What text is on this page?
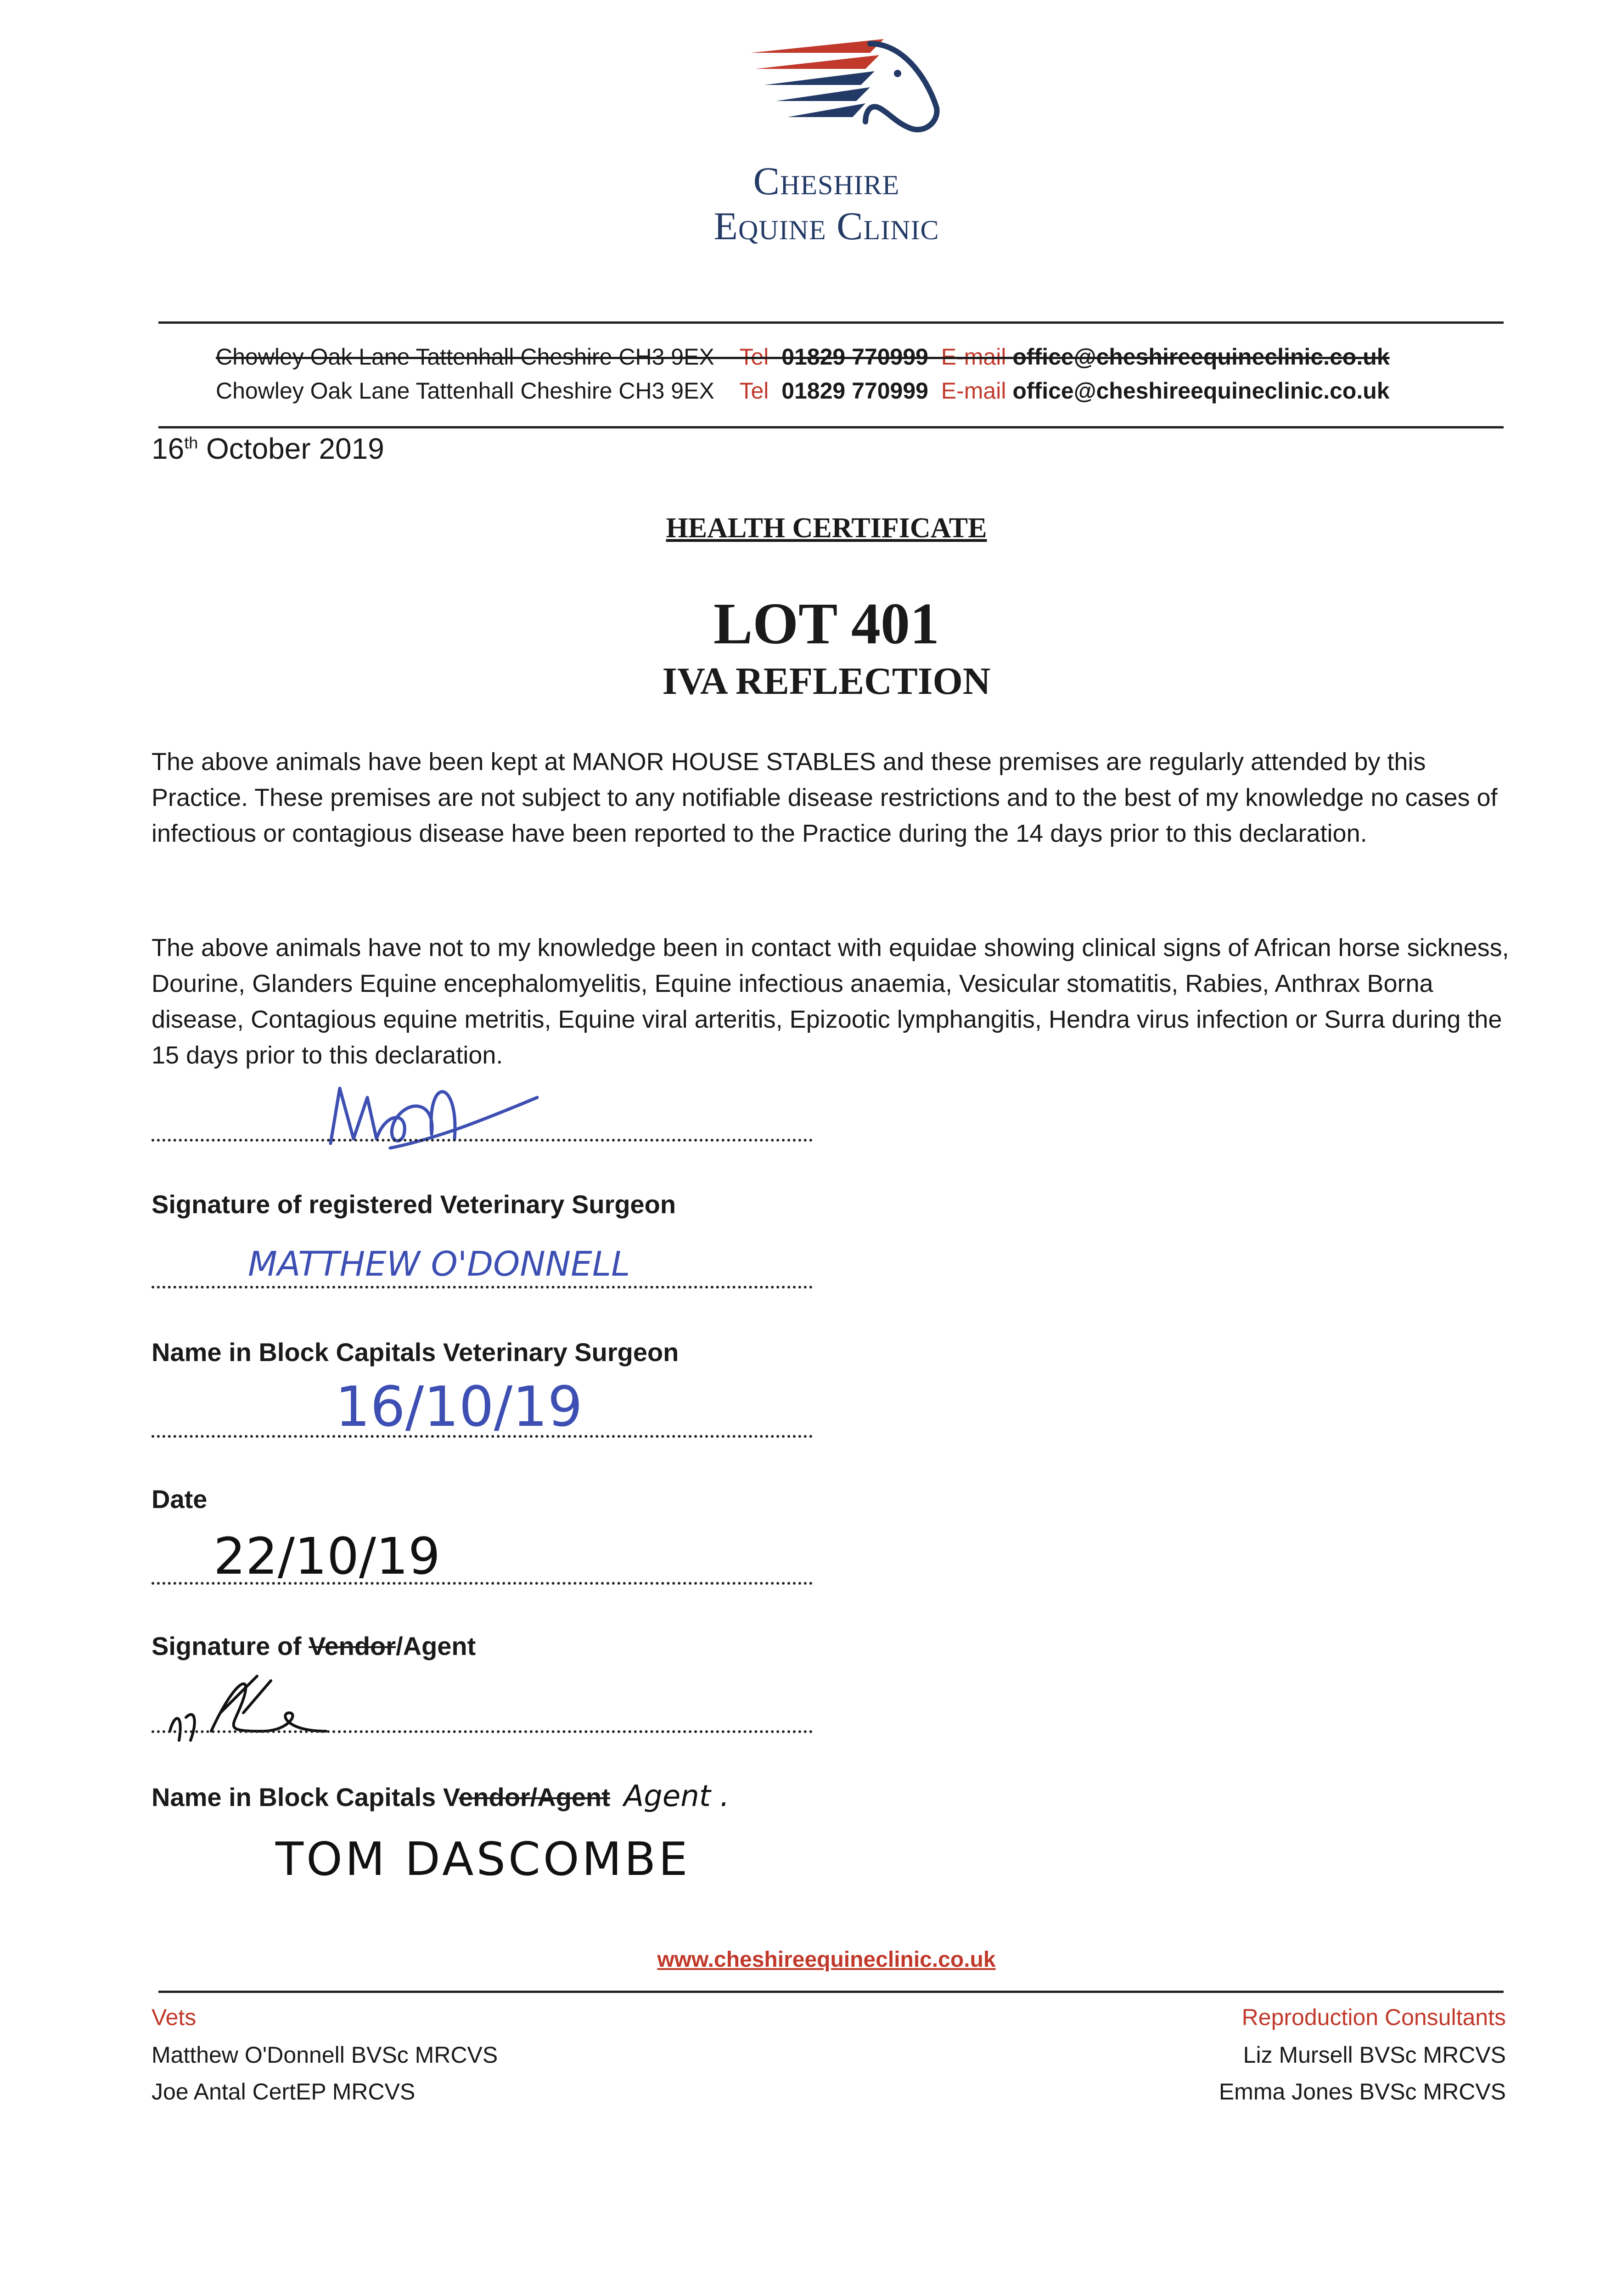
Cheshire
Equine Clinic
Chowley Oak Lane Tattenhall Cheshire CH3 9EX Tel 01829 770999 E-mail office@cheshireequineclinic.co.uk
Chowley Oak Lane Tattenhall Cheshire CH3 9EX Tel 01829 770999 E-mail office@cheshireequineclinic.co.uk
16th October 2019
HEALTH CERTIFICATE
LOT 401
IVA REFLECTION
The above animals have been kept at MANOR HOUSE STABLES and these premises are regularly attended by this Practice. These premises are not subject to any notifiable disease restrictions and to the best of my knowledge no cases of infectious or contagious disease have been reported to the Practice during the 14 days prior to this declaration.
The above animals have not to my knowledge been in contact with equidae showing clinical signs of African horse sickness, Dourine, Glanders Equine encephalomyelitis, Equine infectious anaemia, Vesicular stomatitis, Rabies, Anthrax Borna disease, Contagious equine metritis, Equine viral arteritis, Epizootic lymphangitis, Hendra virus infection or Surra during the 15 days prior to this declaration.
Signature of registered Veterinary Surgeon
MATTHEW O'DONNELL
Name in Block Capitals Veterinary Surgeon
16/10/19
Date
22/10/19
Signature of Vendor/Agent
Name in Block Capitals Vendor/Agent Agent .
TOM DASCOMBE
www.cheshireequineclinic.co.uk
Vets
Matthew O'Donnell BVSc MRCVS
Joe Antal CertEP MRCVS
Reproduction Consultants
Liz Mursell BVSc MRCVS
Emma Jones BVSc MRCVS
